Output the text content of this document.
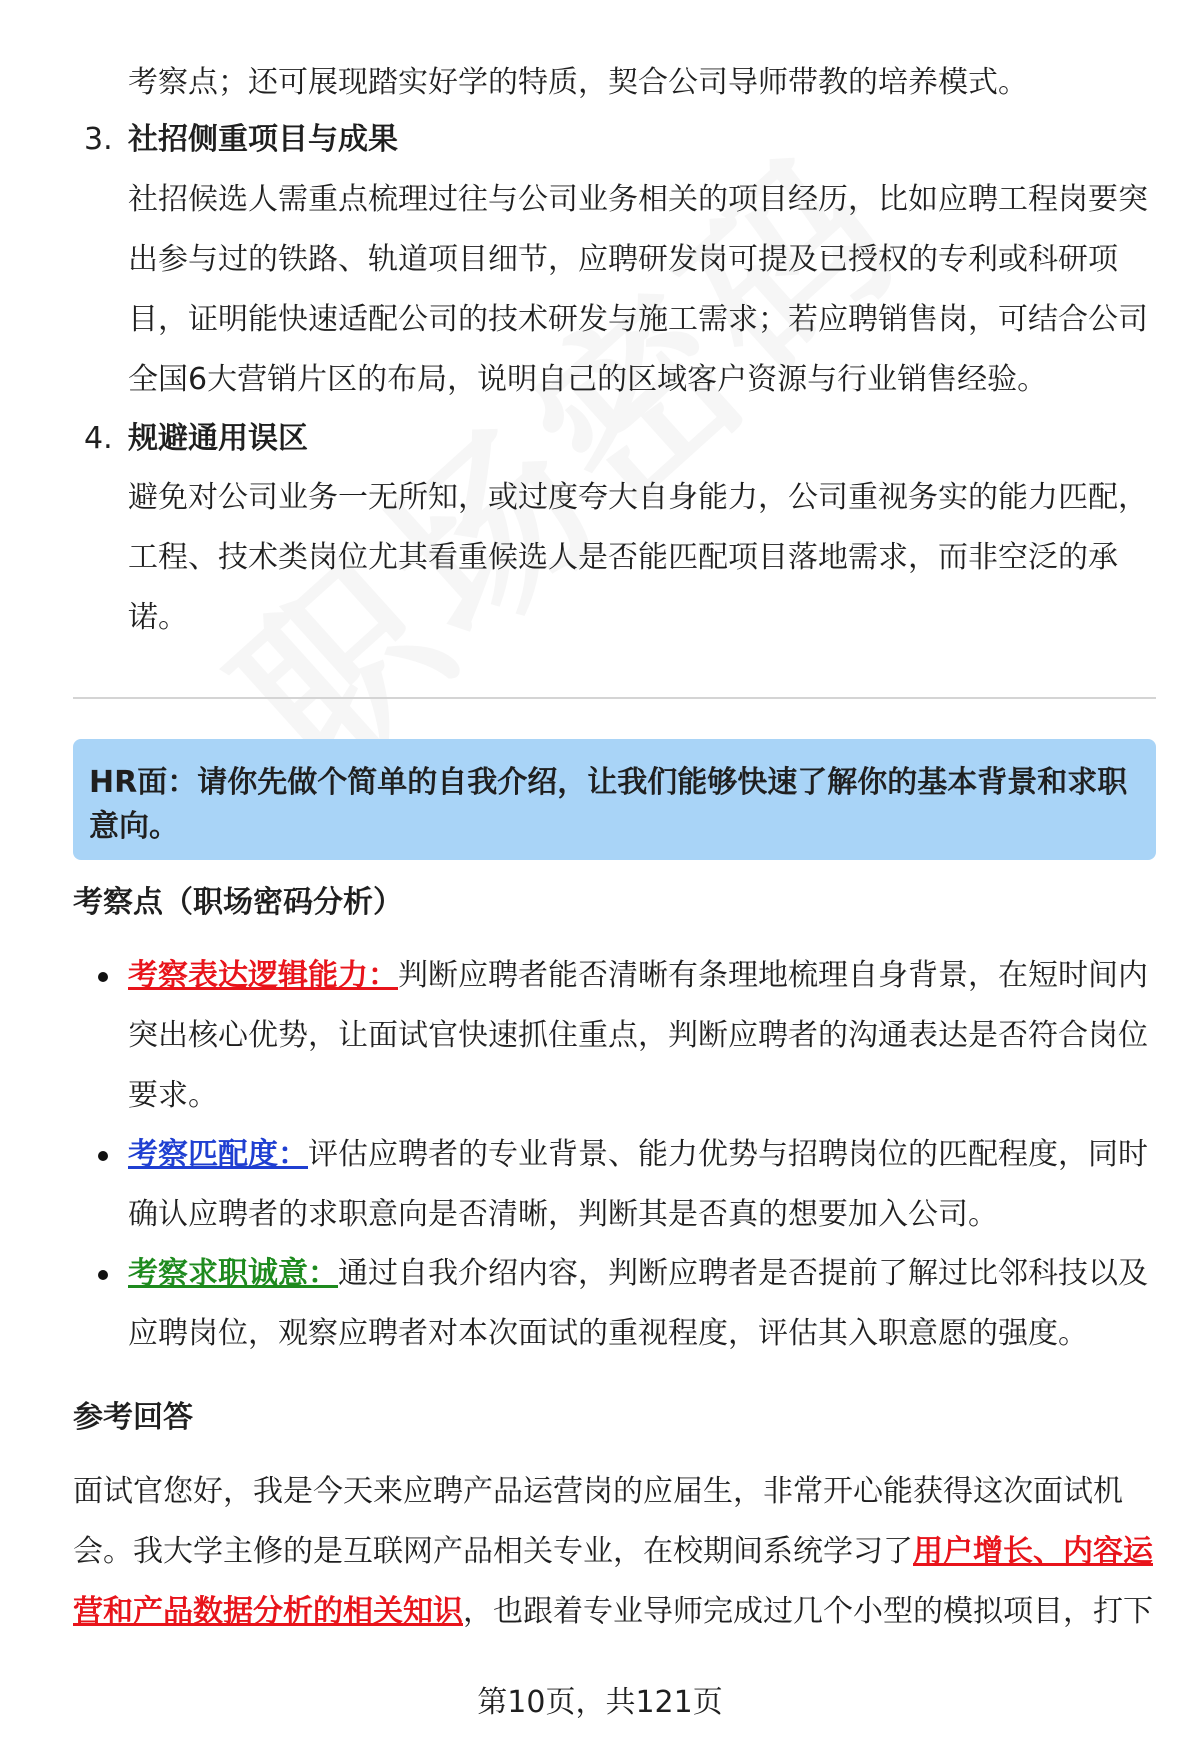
考察点；还可展现踏实好学的特质，契合公司导师带教的培养模式。
3. 社招侧重项目与成果
社招候选人需重点梳理过往与公司业务相关的项目经历，比如应聘工程岗要突出参与过的铁路、轨道项目细节，应聘研发岗可提及已授权的专利或科研项目，证明能快速适配公司的技术研发与施工需求；若应聘销售岗，可结合公司全国6大营销片区的布局，说明自己的区域客户资源与行业销售经验。
4. 规避通用误区
避免对公司业务一无所知，或过度夸大自身能力，公司重视务实的能力匹配，工程、技术类岗位尤其看重候选人是否能匹配项目落地需求，而非空泛的承诺。
HR面：请你先做个简单的自我介绍，让我们能够快速了解你的基本背景和求职意向。
考察点（职场密码分析）
考察表达逻辑能力：判断应聘者能否清晰有条理地梳理自身背景，在短时间内突出核心优势，让面试官快速抓住重点，判断应聘者的沟通表达是否符合岗位要求。
考察匹配度：评估应聘者的专业背景、能力优势与招聘岗位的匹配程度，同时确认应聘者的求职意向是否清晰，判断其是否真的想要加入公司。
考察求职诚意：通过自我介绍内容，判断应聘者是否提前了解过比邻科技以及应聘岗位，观察应聘者对本次面试的重视程度，评估其入职意愿的强度。
参考回答
面试官您好，我是今天来应聘产品运营岗的应届生，非常开心能获得这次面试机会。我大学主修的是互联网产品相关专业，在校期间系统学习了用户增长、内容运营和产品数据分析的相关知识，也跟着专业导师完成过几个小型的模拟项目，打下
第10页，共121页
